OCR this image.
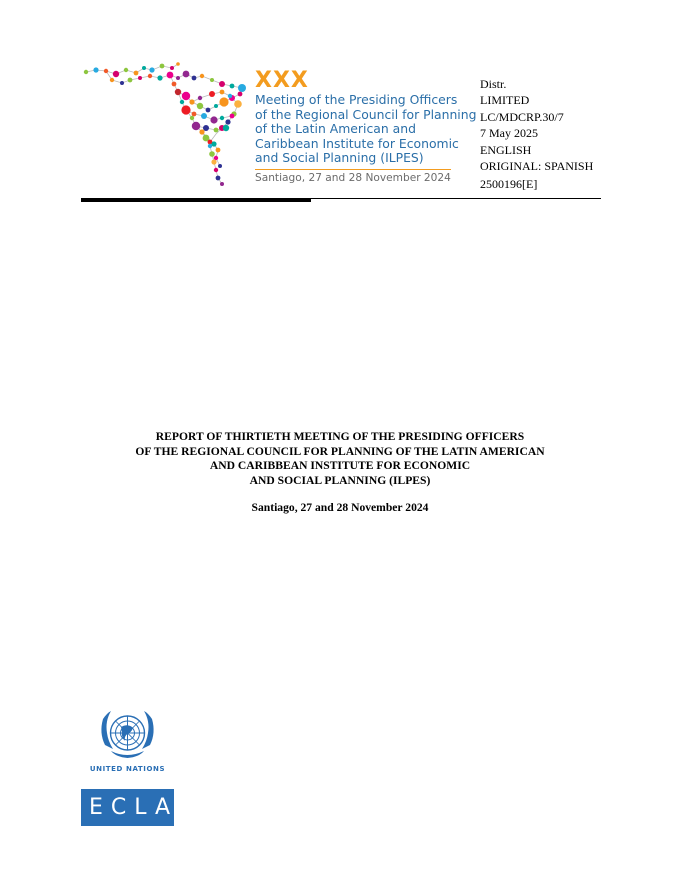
XXX
Meeting of the Presiding Officers
of the Regional Council for Planning
of the Latin American and
Caribbean Institute for Economic
and Social Planning (ILPES)
Santiago, 27 and 28 November 2024
Distr.
LIMITED
LC/MDCRP.30/7
7 May 2025
ENGLISH
ORIGINAL: SPANISH
2500196[E]
REPORT OF THIRTIETH MEETING OF THE PRESIDING OFFICERS
OF THE REGIONAL COUNCIL FOR PLANNING OF THE LATIN AMERICAN
AND CARIBBEAN INSTITUTE FOR ECONOMIC
AND SOCIAL PLANNING (ILPES)
Santiago, 27 and 28 November 2024
UNITED NATIONS
ECLAC
